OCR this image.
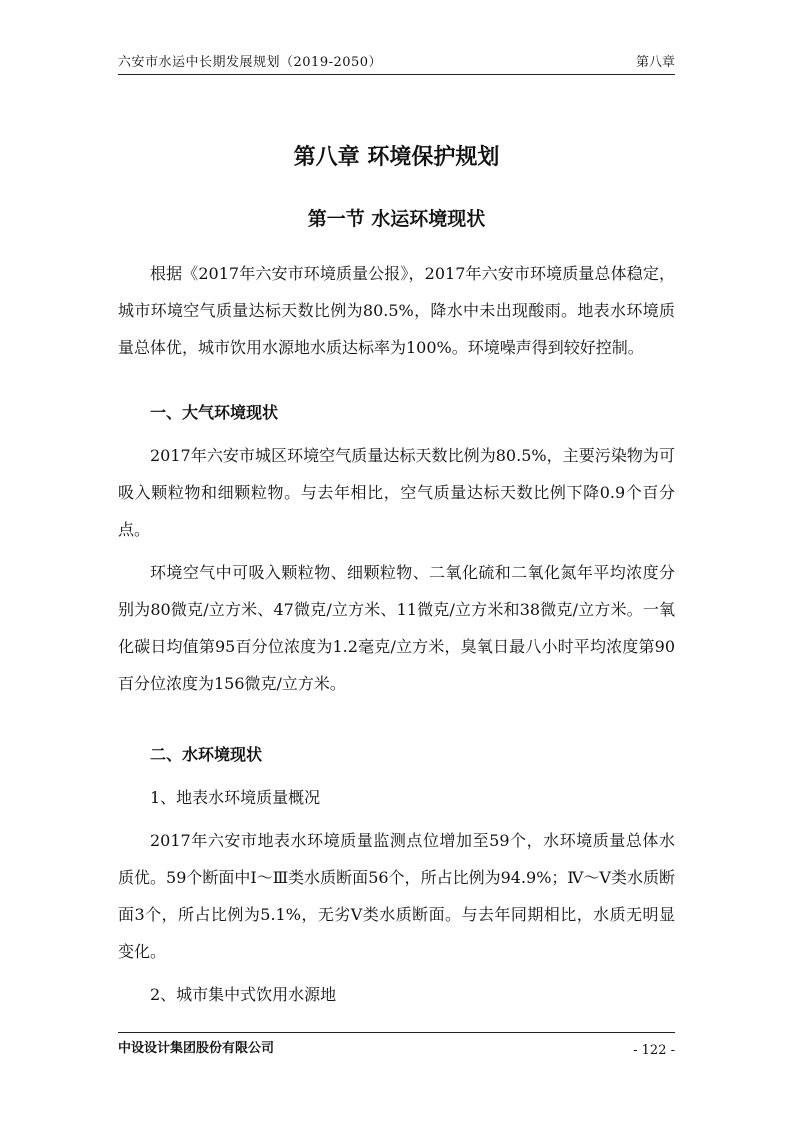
六安市水运中长期发展规划（2019-2050）	第八章
第八章 环境保护规划
第一节 水运环境现状

根据《2017年六安市环境质量公报》，2017年六安市环境质量总体稳定，城市环境空气质量达标天数比例为80.5%，降水中未出现酸雨。地表水环境质量总体优，城市饮用水源地水质达标率为100%。环境噪声得到较好控制。

一、大气环境现状

2017年六安市城区环境空气质量达标天数比例为80.5%，主要污染物为可吸入颗粒物和细颗粒物。与去年相比，空气质量达标天数比例下降0.9个百分点。

环境空气中可吸入颗粒物、细颗粒物、二氧化硫和二氧化氮年平均浓度分别为80微克/立方米、47微克/立方米、11微克/立方米和38微克/立方米。一氧化碳日均值第95百分位浓度为1.2毫克/立方米，臭氧日最八小时平均浓度第90百分位浓度为156微克/立方米。

二、水环境现状

1、地表水环境质量概况

2017年六安市地表水环境质量监测点位增加至59个，水环境质量总体水质优。59个断面中Ⅰ～Ⅲ类水质断面56个，所占比例为94.9%；Ⅳ～Ⅴ类水质断面3个，所占比例为5.1%，无劣Ⅴ类水质断面。与去年同期相比，水质无明显变化。

2、城市集中式饮用水源地

中设设计集团股份有限公司	- 122 -
